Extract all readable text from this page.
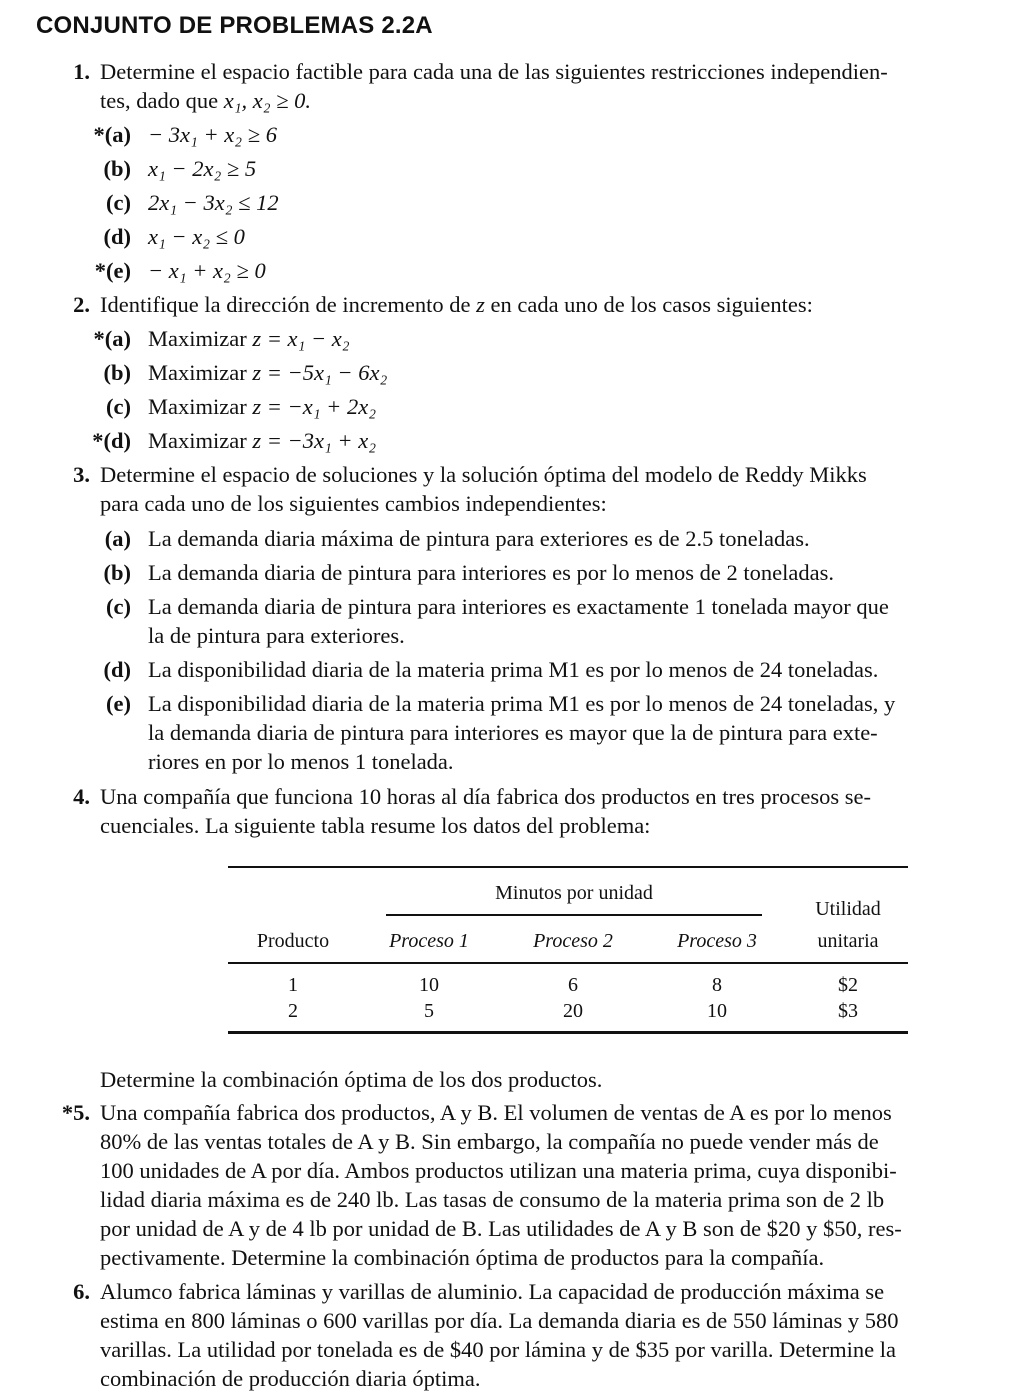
CONJUNTO DE PROBLEMAS 2.2A
1. Determine el espacio factible para cada una de las siguientes restricciones independien-
tes, dado que x₁, x₂ ≥ 0.
*(a) − 3x₁ + x₂ ≥ 6
(b) x₁ − 2x₂ ≥ 5
(c) 2x₁ − 3x₂ ≤ 12
(d) x₁ − x₂ ≤ 0
*(e) − x₁ + x₂ ≥ 0
2. Identifique la dirección de incremento de z en cada uno de los casos siguientes:
*(a) Maximizar z = x₁ − x₂
(b) Maximizar z = −5x₁ − 6x₂
(c) Maximizar z = −x₁ + 2x₂
*(d) Maximizar z = −3x₁ + x₂
3. Determine el espacio de soluciones y la solución óptima del modelo de Reddy Mikks
para cada uno de los siguientes cambios independientes:
(a) La demanda diaria máxima de pintura para exteriores es de 2.5 toneladas.
(b) La demanda diaria de pintura para interiores es por lo menos de 2 toneladas.
(c) La demanda diaria de pintura para interiores es exactamente 1 tonelada mayor que
la de pintura para exteriores.
(d) La disponibilidad diaria de la materia prima M1 es por lo menos de 24 toneladas.
(e) La disponibilidad diaria de la materia prima M1 es por lo menos de 24 toneladas, y
la demanda diaria de pintura para interiores es mayor que la de pintura para exte-
riores en por lo menos 1 tonelada.
4. Una compañía que funciona 10 horas al día fabrica dos productos en tres procesos se-
cuenciales. La siguiente tabla resume los datos del problema:
Minutos por unidad
Utilidad
Producto	Proceso 1	Proceso 2	Proceso 3	unitaria
1	10	6	8	$2
2	5	20	10	$3
Determine la combinación óptima de los dos productos.
*5. Una compañía fabrica dos productos, A y B. El volumen de ventas de A es por lo menos
80% de las ventas totales de A y B. Sin embargo, la compañía no puede vender más de
100 unidades de A por día. Ambos productos utilizan una materia prima, cuya disponibi-
lidad diaria máxima es de 240 lb. Las tasas de consumo de la materia prima son de 2 lb
por unidad de A y de 4 lb por unidad de B. Las utilidades de A y B son de $20 y $50, res-
pectivamente. Determine la combinación óptima de productos para la compañía.
6. Alumco fabrica láminas y varillas de aluminio. La capacidad de producción máxima se
estima en 800 láminas o 600 varillas por día. La demanda diaria es de 550 láminas y 580
varillas. La utilidad por tonelada es de $40 por lámina y de $35 por varilla. Determine la
combinación de producción diaria óptima.
